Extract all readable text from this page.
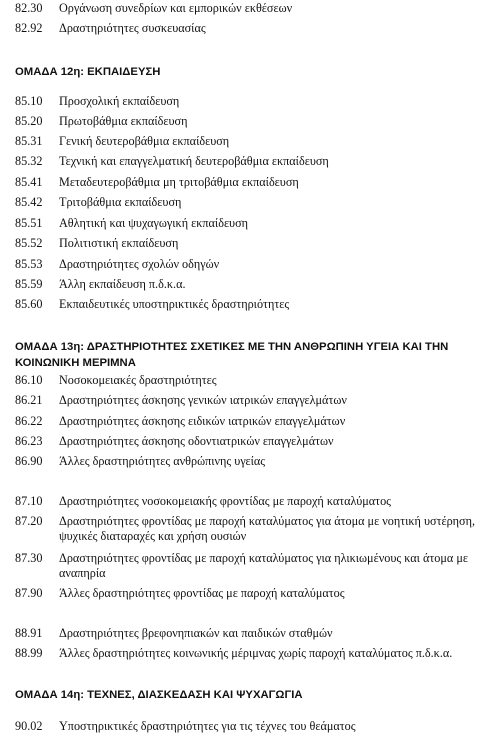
82.30	Οργάνωση συνεδρίων και εμπορικών εκθέσεων
82.92	Δραστηριότητες συσκευασίας
ΟΜΑΔΑ 12η: ΕΚΠΑΙΔΕΥΣΗ
85.10	Προσχολική εκπαίδευση
85.20	Πρωτοβάθμια εκπαίδευση
85.31	Γενική δευτεροβάθμια εκπαίδευση
85.32	Τεχνική και επαγγελματική δευτεροβάθμια εκπαίδευση
85.41	Μεταδευτεροβάθμια μη τριτοβάθμια εκπαίδευση
85.42	Τριτοβάθμια εκπαίδευση
85.51	Αθλητική και ψυχαγωγική εκπαίδευση
85.52	Πολιτιστική εκπαίδευση
85.53	Δραστηριότητες σχολών οδηγών
85.59	Άλλη εκπαίδευση π.δ.κ.α.
85.60	Εκπαιδευτικές υποστηρικτικές δραστηριότητες
ΟΜΑΔΑ 13η: ΔΡΑΣΤΗΡΙΟΤΗΤΕΣ ΣΧΕΤΙΚΕΣ ΜΕ ΤΗΝ ΑΝΘΡΩΠΙΝΗ ΥΓΕΙΑ ΚΑΙ ΤΗΝ ΚΟΙΝΩΝΙΚΗ ΜΕΡΙΜΝΑ
86.10	Νοσοκομειακές δραστηριότητες
86.21	Δραστηριότητες άσκησης γενικών ιατρικών επαγγελμάτων
86.22	Δραστηριότητες άσκησης ειδικών ιατρικών επαγγελμάτων
86.23	Δραστηριότητες άσκησης οδοντιατρικών επαγγελμάτων
86.90	Άλλες δραστηριότητες ανθρώπινης υγείας
87.10	Δραστηριότητες νοσοκομειακής φροντίδας με παροχή καταλύματος
87.20	Δραστηριότητες φροντίδας με παροχή καταλύματος για άτομα με νοητική υστέρηση, ψυχικές διαταραχές και χρήση ουσιών
87.30	Δραστηριότητες φροντίδας με παροχή καταλύματος για ηλικιωμένους και άτομα με αναπηρία
87.90	Άλλες δραστηριότητες φροντίδας με παροχή καταλύματος
88.91	Δραστηριότητες βρεφονηπιακών και παιδικών σταθμών
88.99	Άλλες δραστηριότητες κοινωνικής μέριμνας χωρίς παροχή καταλύματος π.δ.κ.α.
ΟΜΑΔΑ 14η: ΤΕΧΝΕΣ, ΔΙΑΣΚΕΔΑΣΗ ΚΑΙ ΨΥΧΑΓΩΓΙΑ
90.02	Υποστηρικτικές δραστηριότητες για τις τέχνες του θεάματος
